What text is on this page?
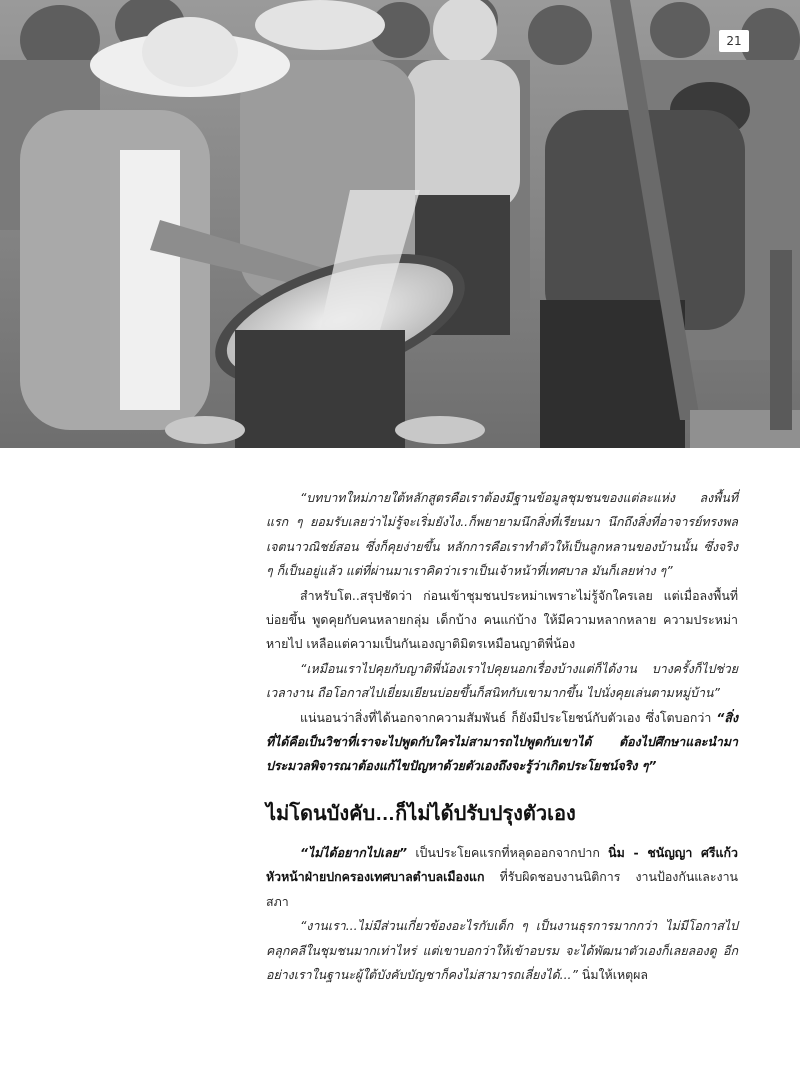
21

“บทบาทใหม่ภายใต้หลักสูตรคือเราต้องมีฐานข้อมูลชุมชนของแต่ละแห่ง ลงพื้นที่แรก ๆ ยอมรับเลยว่าไม่รู้จะเริ่มยังไง..ก็พยายามนึกสิ่งที่เรียนมา นึกถึงสิ่งที่อาจารย์ทรงพล เจตนาวณิชย์สอน ซึ่งก็คุยง่ายขึ้น หลักการคือเราทำตัวให้เป็นลูกหลานของบ้านนั้น ซึ่งจริง ๆ ก็เป็นอยู่แล้ว แต่ที่ผ่านมาเราคิดว่าเราเป็นเจ้าหน้าที่เทศบาล มันก็เลยห่าง ๆ”

สำหรับโต..สรุปชัดว่า ก่อนเข้าชุมชนประหม่าเพราะไม่รู้จักใครเลย แต่เมื่อลงพื้นที่บ่อยขึ้น พูดคุยกับคนหลายกลุ่ม เด็กบ้าง คนแก่บ้าง ให้มีความหลากหลาย ความประหม่าหายไป เหลือแต่ความเป็นกันเองญาติมิตรเหมือนญาติพี่น้อง

“เหมือนเราไปคุยกับญาติพี่น้องเราไปคุยนอกเรื่องบ้างแต่ก็ได้งาน บางครั้งก็ไปช่วยเวลางาน ถือโอกาสไปเยี่ยมเยียนบ่อยขึ้นก็สนิทกับเขามากขึ้น ไปนั่งคุยเล่นตามหมู่บ้าน”

แน่นอนว่าสิ่งที่ได้นอกจากความสัมพันธ์ ก็ยังมีประโยชน์กับตัวเอง ซึ่งโตบอกว่า “สิ่งที่ได้คือเป็นวิชาที่เราจะไปพูดกับใครไม่สามารถไปพูดกับเขาได้ ต้องไปศึกษาและนำมาประมวลพิจารณาต้องแก้ไขปัญหาด้วยตัวเองถึงจะรู้ว่าเกิดประโยชน์จริง ๆ”

ไม่โดนบังคับ…ก็ไม่ได้ปรับปรุงตัวเอง

“ไม่ได้อยากไปเลย” เป็นประโยคแรกที่หลุดออกจากปาก นิ่ม - ชนัญญา ศรีแก้ว หัวหน้าฝ่ายปกครองเทศบาลตำบลเมืองแก ที่รับผิดชอบงานนิติการ งานป้องกันและงานสภา

“งานเรา...ไม่มีส่วนเกี่ยวข้องอะไรกับเด็ก ๆ เป็นงานธุรการมากกว่า ไม่มีโอกาสไปคลุกคลีในชุมชนมากเท่าไหร่ แต่เขาบอกว่าให้เข้าอบรม จะได้พัฒนาตัวเองก็เลยลองดู อีกอย่างเราในฐานะผู้ใต้บังคับบัญชาก็คงไม่สามารถเลี่ยงได้...” นิ่มให้เหตุผล
